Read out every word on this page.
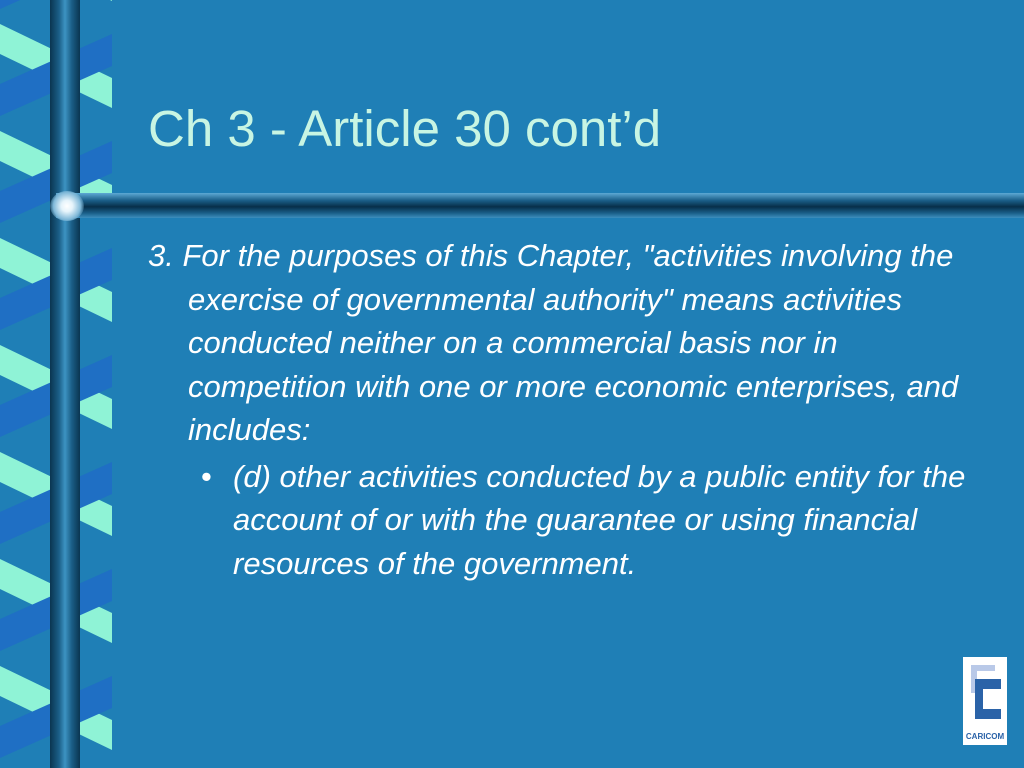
Ch 3 - Article 30 cont’d

3. For the purposes of this Chapter, "activities involving the exercise of governmental authority" means activities conducted neither on a commercial basis nor in competition with one or more economic enterprises, and includes:

• (d) other activities conducted by a public entity for the account of or with the guarantee or using financial resources of the government.
CARICOM
